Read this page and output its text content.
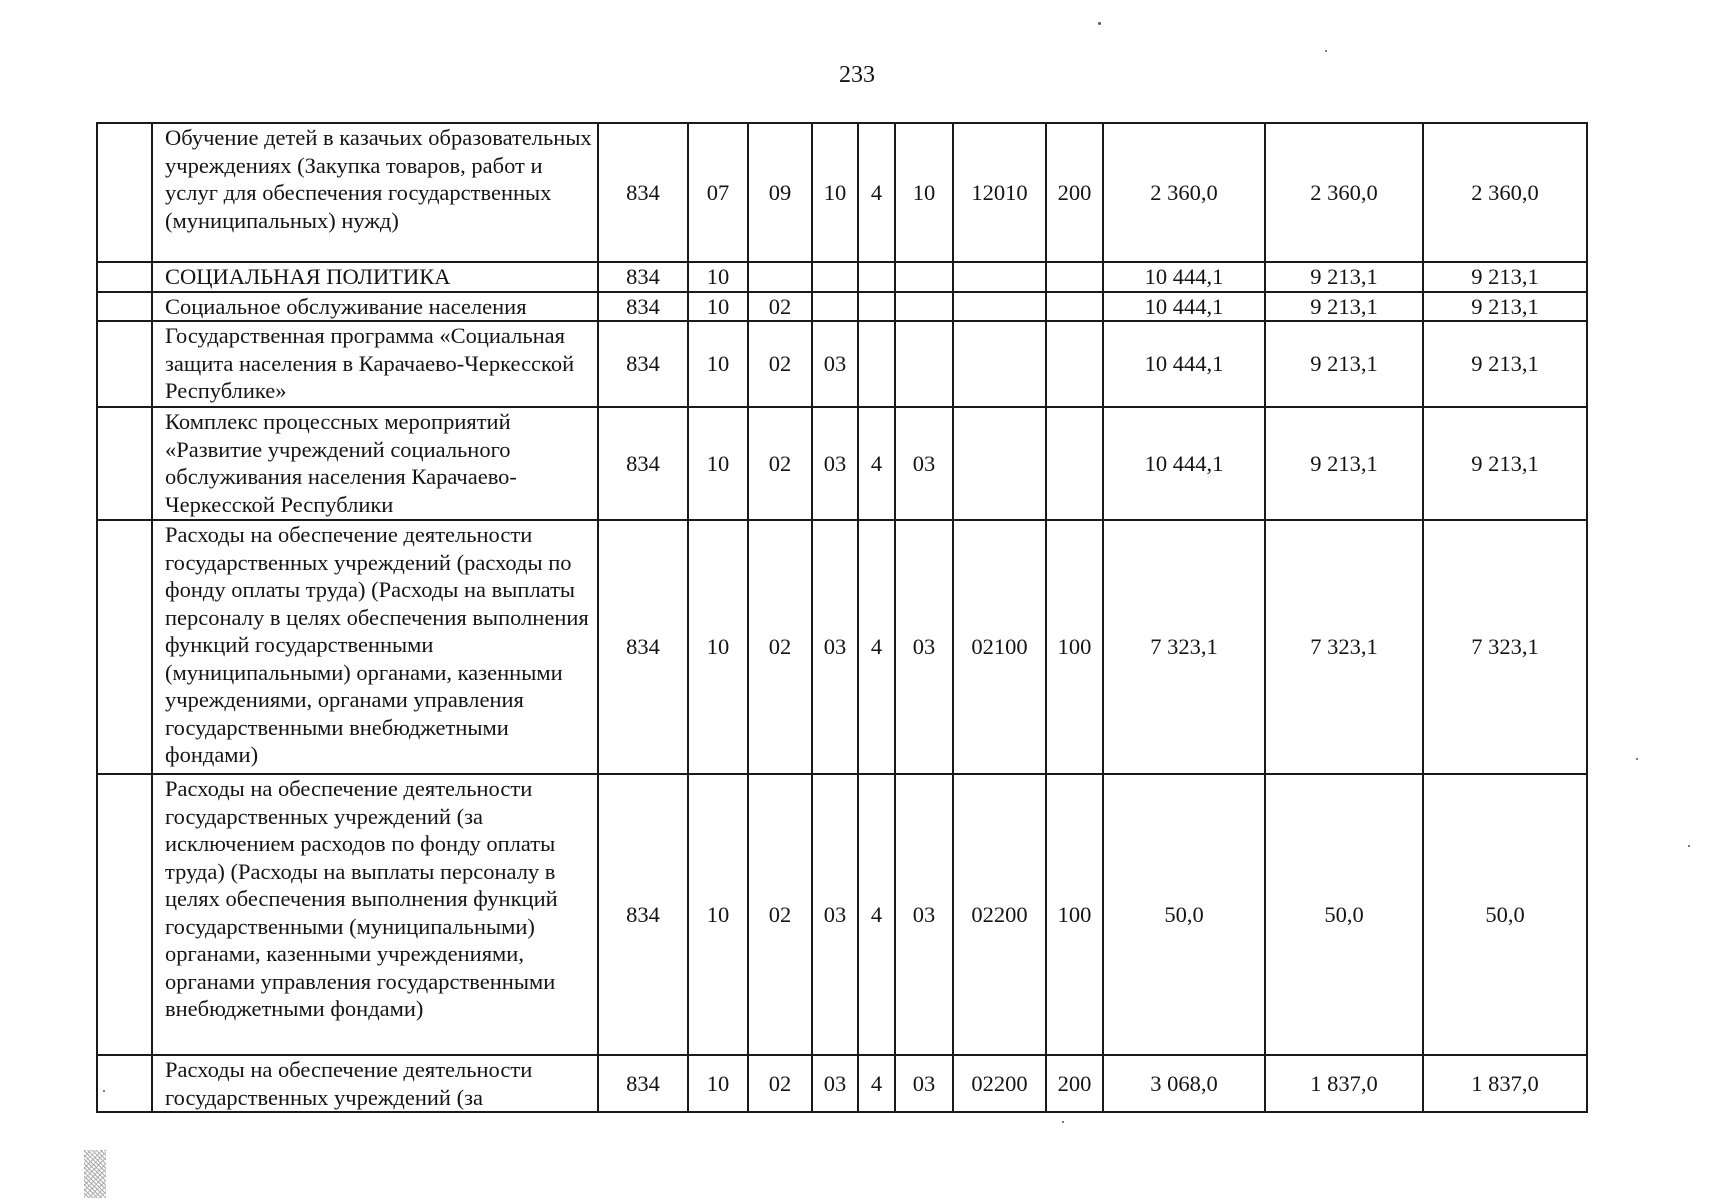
233
	Обучение детей в казачьих образовательных учреждениях (Закупка товаров, работ и услуг для обеспечения государственных (муниципальных) нужд)	834	07	09	10	4	10	12010	200	2 360,0	2 360,0	2 360,0
	СОЦИАЛЬНАЯ ПОЛИТИКА	834	10							10 444,1	9 213,1	9 213,1
	Социальное обслуживание населения	834	10	02						10 444,1	9 213,1	9 213,1
	Государственная программа «Социальная защита населения в Карачаево-Черкесской Республике»	834	10	02	03					10 444,1	9 213,1	9 213,1
	Комплекс процессных мероприятий «Развитие учреждений социального обслуживания населения Карачаево-Черкесской Республики	834	10	02	03	4	03			10 444,1	9 213,1	9 213,1
	Расходы на обеспечение деятельности государственных учреждений (расходы по фонду оплаты труда) (Расходы на выплаты персоналу в целях обеспечения выполнения функций государственными (муниципальными) органами, казенными учреждениями, органами управления государственными внебюджетными фондами)	834	10	02	03	4	03	02100	100	7 323,1	7 323,1	7 323,1
	Расходы на обеспечение деятельности государственных учреждений (за исключением расходов по фонду оплаты труда) (Расходы на выплаты персоналу в целях обеспечения выполнения функций государственными (муниципальными) органами, казенными учреждениями, органами управления государственными внебюджетными фондами)	834	10	02	03	4	03	02200	100	50,0	50,0	50,0
	Расходы на обеспечение деятельности государственных учреждений (за	834	10	02	03	4	03	02200	200	3 068,0	1 837,0	1 837,0
